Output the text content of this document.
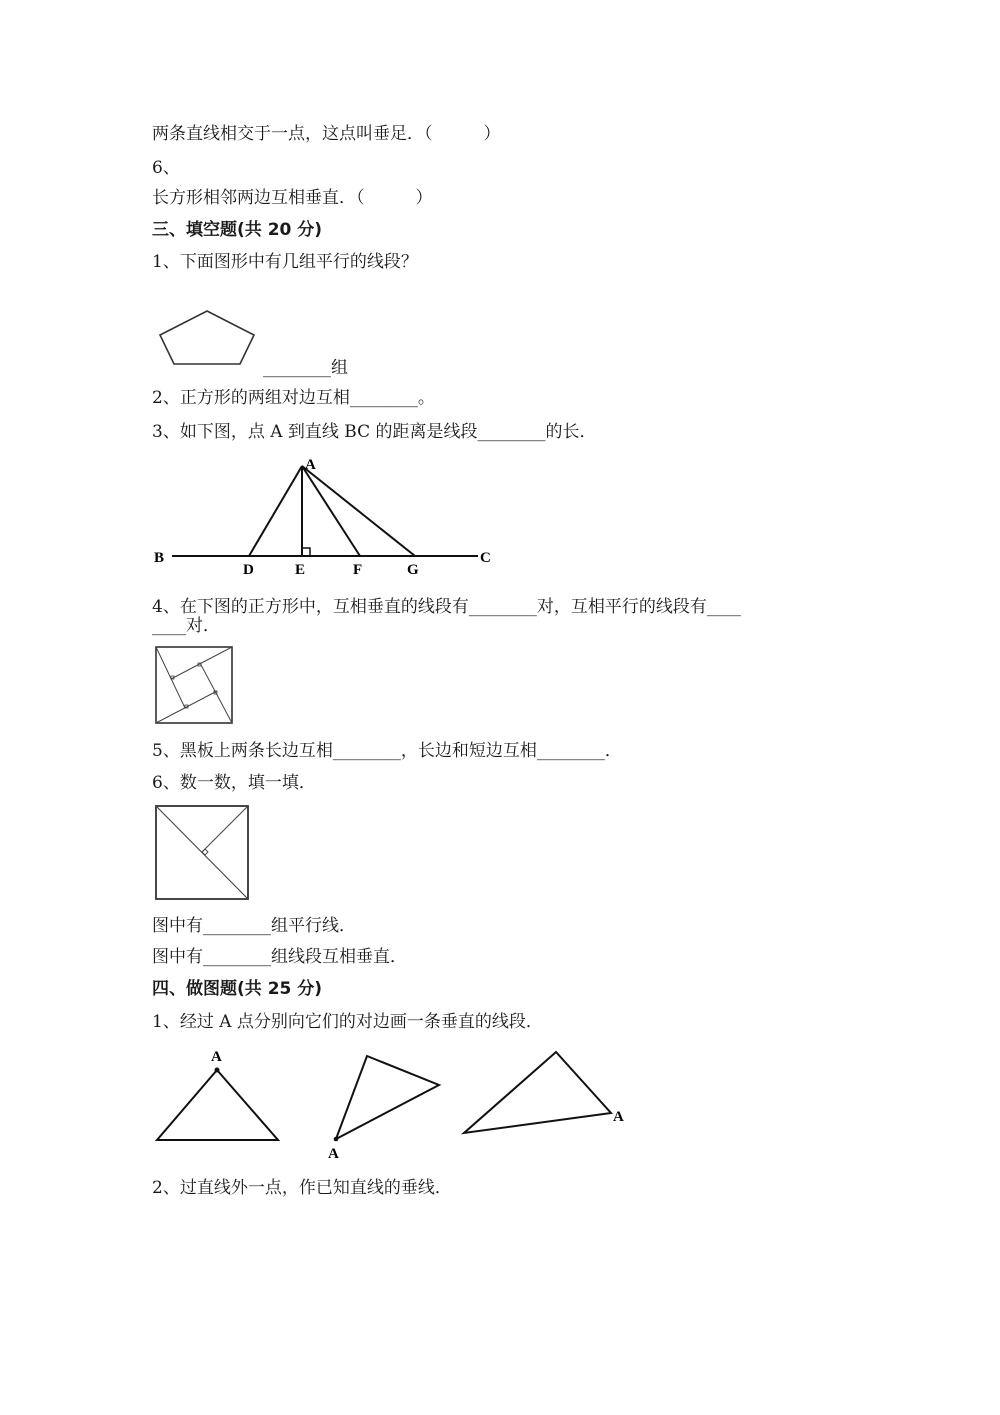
两条直线相交于一点，这点叫垂足．（　　　）
6、
长方形相邻两边互相垂直．（　　　）
三、填空题(共 20 分)
1、下面图形中有几组平行的线段？
________组
2、正方形的两组对边互相________。
3、如下图，点 A 到直线 BC 的距离是线段________的长．
A
B	C
D	E	F	G
4、在下图的正方形中，互相垂直的线段有________对，互相平行的线段有____
____对．
5、黑板上两条长边互相________，长边和短边互相________．
6、数一数，填一填．
图中有________组平行线．
图中有________组线段互相垂直．
四、做图题(共 25 分)
1、经过 A 点分别向它们的对边画一条垂直的线段．
A
A
A
2、过直线外一点，作已知直线的垂线．
